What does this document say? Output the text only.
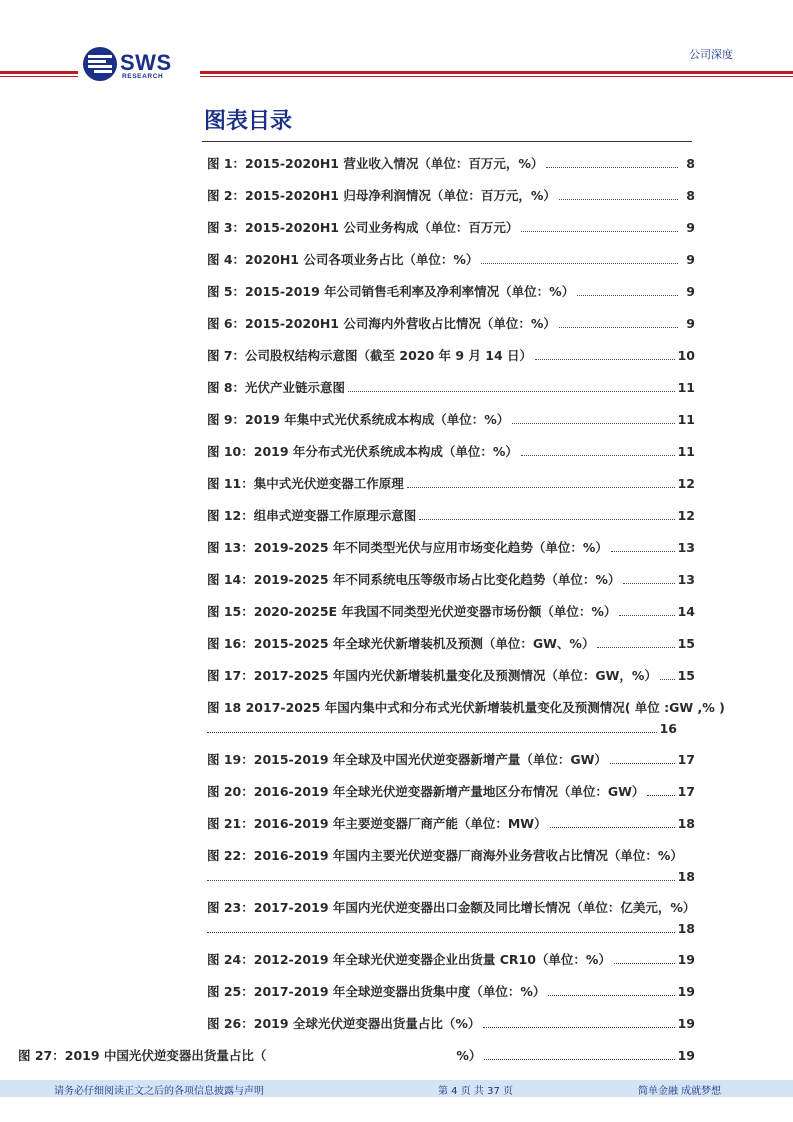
SWS
RESEARCH
公司深度
图表目录
图 1：2015-2020H1 营业收入情况（单位：百万元，%）	8
图 2：2015-2020H1 归母净利润情况（单位：百万元，%）	8
图 3：2015-2020H1 公司业务构成（单位：百万元）	9
图 4：2020H1 公司各项业务占比（单位：%）	9
图 5：2015-2019 年公司销售毛利率及净利率情况（单位：%）	9
图 6：2015-2020H1 公司海内外营收占比情况（单位：%）	9
图 7：公司股权结构示意图（截至 2020 年 9 月 14 日）	10
图 8：光伏产业链示意图	11
图 9：2019 年集中式光伏系统成本构成（单位：%）	11
图 10：2019 年分布式光伏系统成本构成（单位：%）	11
图 11：集中式光伏逆变器工作原理	12
图 12：组串式逆变器工作原理示意图	12
图 13：2019-2025 年不同类型光伏与应用市场变化趋势（单位：%）	13
图 14：2019-2025 年不同系统电压等级市场占比变化趋势（单位：%）	13
图 15：2020-2025E 年我国不同类型光伏逆变器市场份额（单位：%）	14
图 16：2015-2025 年全球光伏新增装机及预测（单位：GW、%）	15
图 17：2017-2025 年国内光伏新增装机量变化及预测情况（单位：GW，%） 15
图 18 2017-2025 年国内集中式和分布式光伏新增装机量变化及预测情况( 单位 :GW ,% )
16
图 19：2015-2019 年全球及中国光伏逆变器新增产量（单位：GW）	17
图 20：2016-2019 年全球光伏逆变器新增产量地区分布情况（单位：GW）	17
图 21：2016-2019 年主要逆变器厂商产能（单位：MW）	18
图 22：2016-2019 年国内主要光伏逆变器厂商海外业务营收占比情况（单位：%）
18
图 23：2017-2019 年国内光伏逆变器出口金额及同比增长情况（单位：亿美元，%）
18
图 24：2012-2019 年全球光伏逆变器企业出货量 CR10（单位：%）	19
图 25：2017-2019 年全球逆变器出货集中度（单位：%）	19
图 26：2019 全球光伏逆变器出货量占比（%）	19
图 27：2019 中国光伏逆变器出货量占比（	%）	19
请务必仔细阅读正文之后的各项信息披露与声明	第 4 页 共 37 页	简单金融 成就梦想
